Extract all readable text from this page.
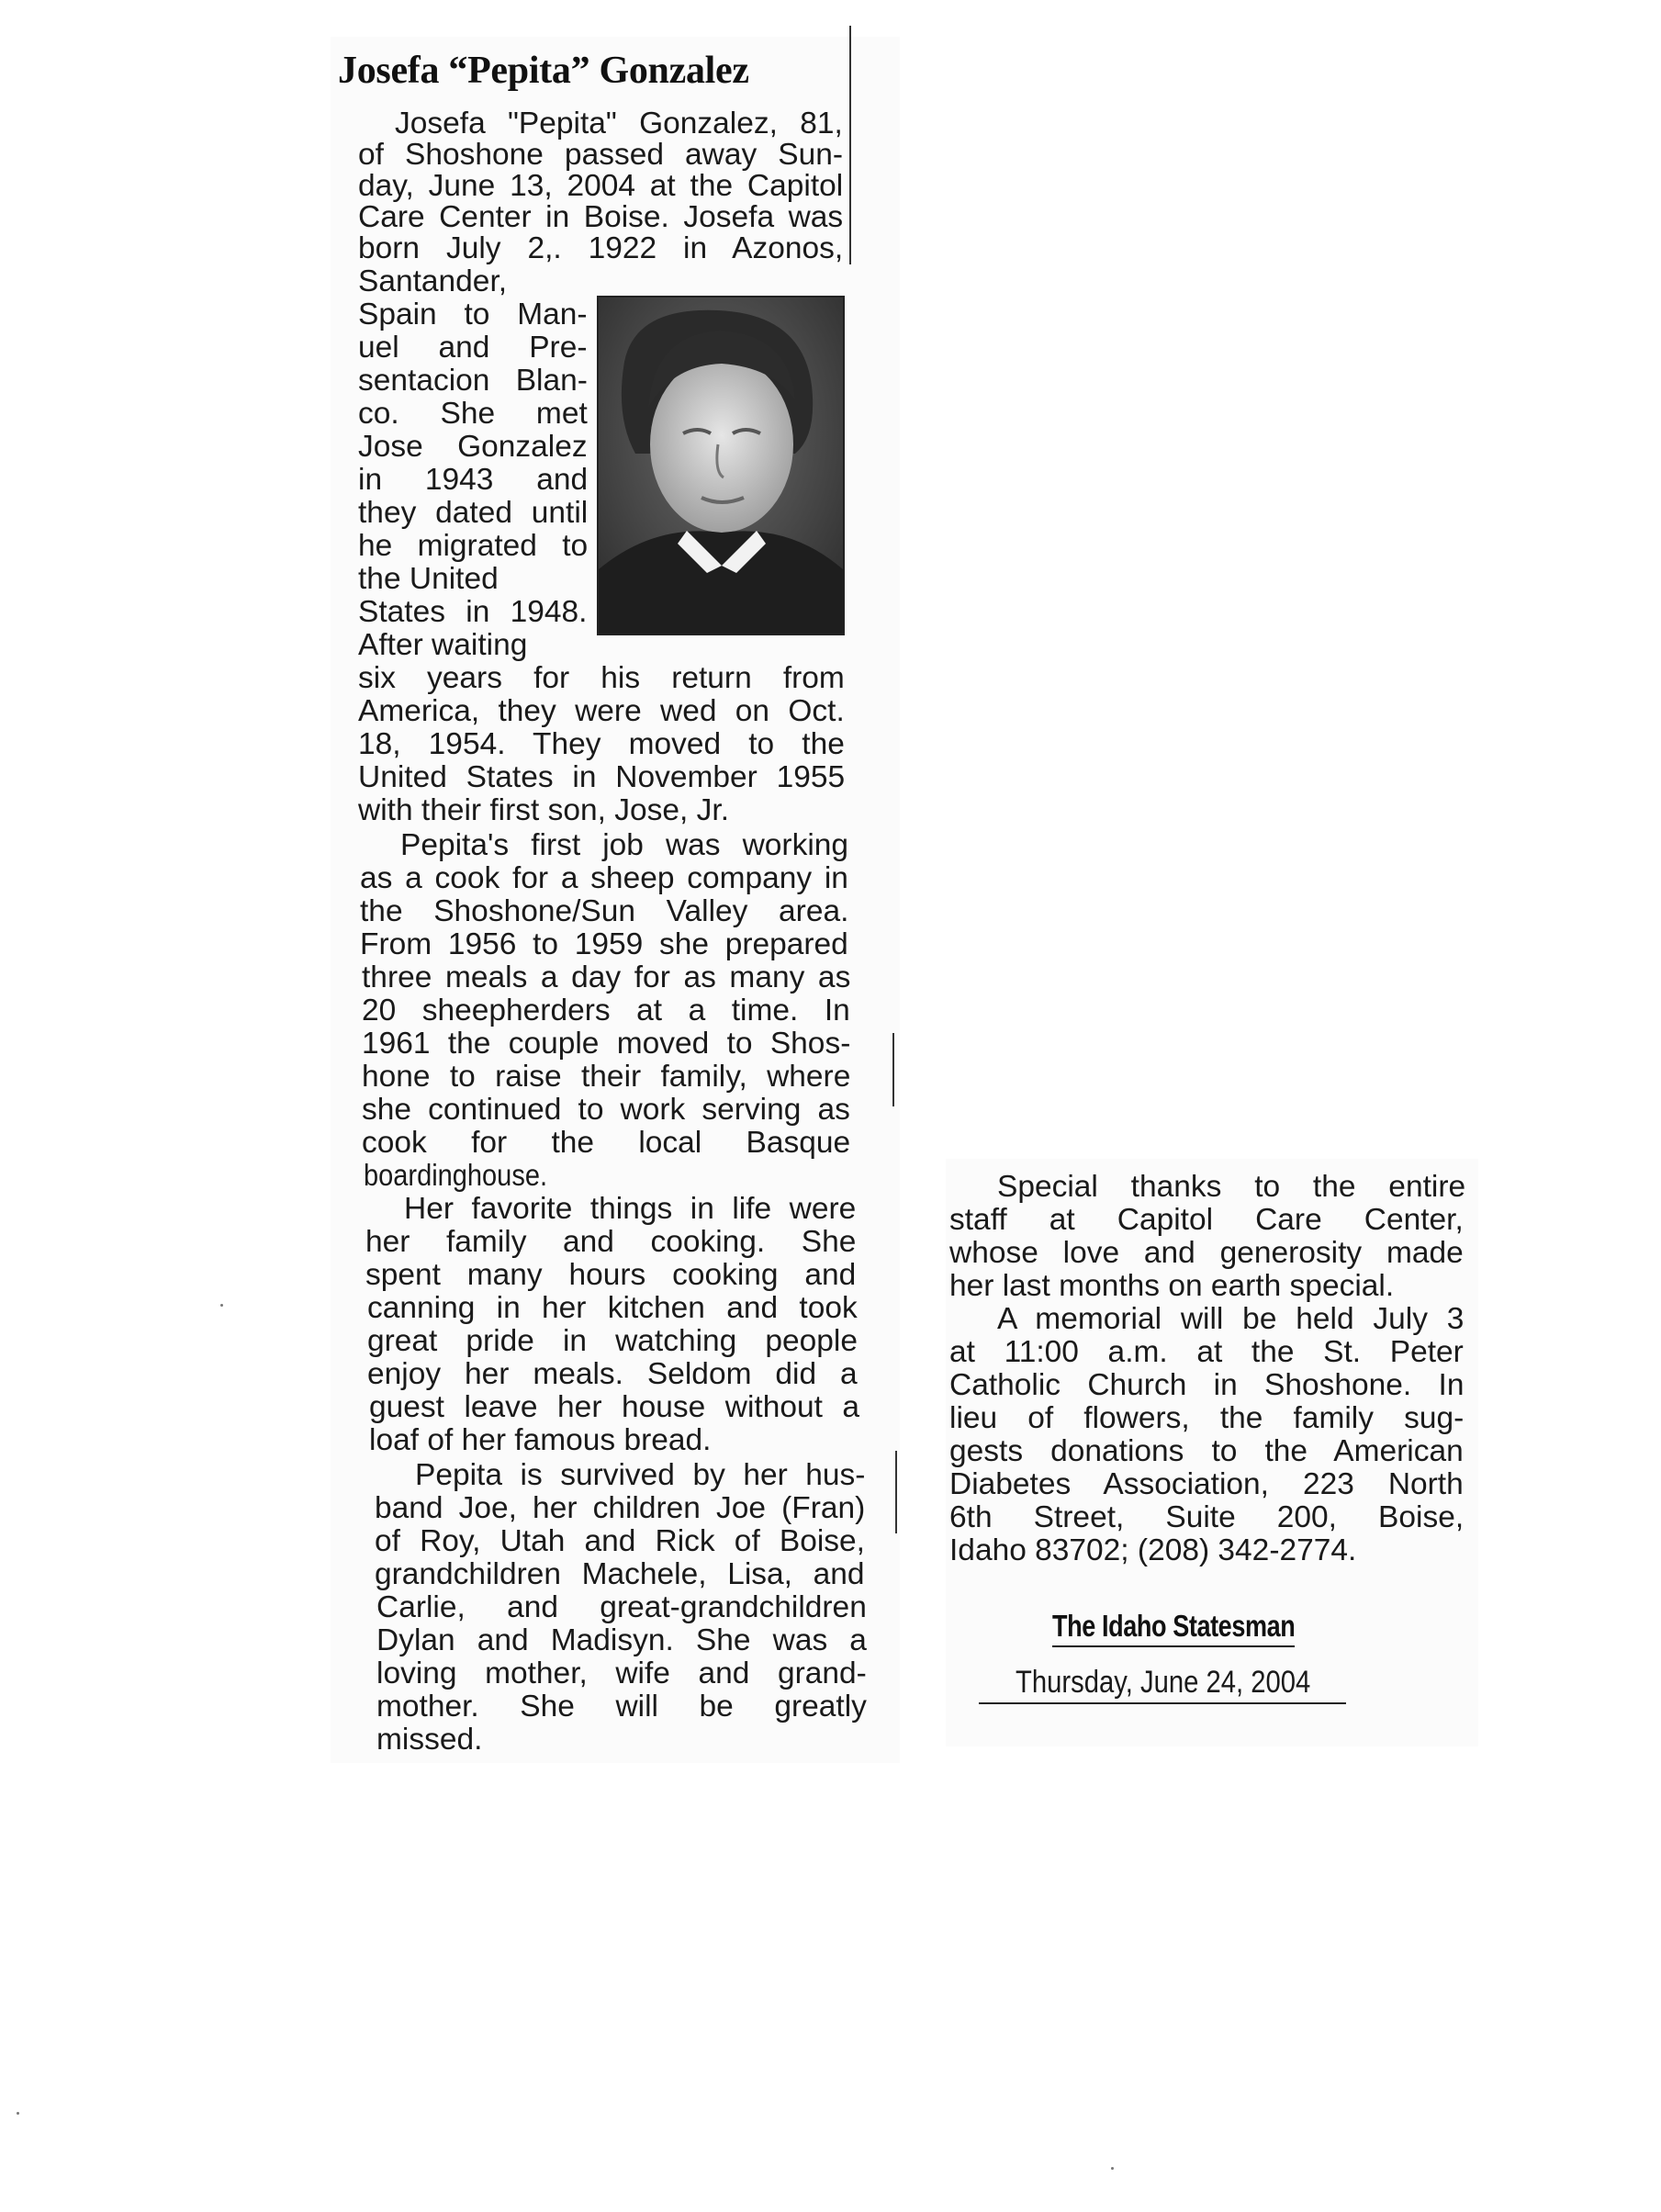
Josefa “Pepita” Gonzalez
Josefa "Pepita" Gonzalez, 81,
of Shoshone passed away Sun-
day, June 13, 2004 at the Capitol
Care Center in Boise. Josefa was
born July 2,. 1922 in Azonos,
Santander,
Spain to Man-
uel and Pre-
sentacion Blan-
co. She met
Jose Gonzalez
in 1943 and
they dated until
he migrated to
the United
States in 1948.
After waiting
six years for his return from
America, they were wed on Oct.
18, 1954. They moved to the
United States in November 1955
with their first son, Jose, Jr.
Pepita's first job was working
as a cook for a sheep company in
the Shoshone/Sun Valley area.
From 1956 to 1959 she prepared
three meals a day for as many as
20 sheepherders at a time. In
1961 the couple moved to Shos-
hone to raise their family, where
she continued to work serving as
cook for the local Basque
boardinghouse.
Her favorite things in life were
her family and cooking. She
spent many hours cooking and
canning in her kitchen and took
great pride in watching people
enjoy her meals. Seldom did a
guest leave her house without a
loaf of her famous bread.
Pepita is survived by her hus-
band Joe, her children Joe (Fran)
of Roy, Utah and Rick of Boise,
grandchildren Machele, Lisa, and
Carlie, and great-grandchildren
Dylan and Madisyn. She was a
loving mother, wife and grand-
mother. She will be greatly
missed.
Special thanks to the entire
staff at Capitol Care Center,
whose love and generosity made
her last months on earth special.
A memorial will be held July 3
at 11:00 a.m. at the St. Peter
Catholic Church in Shoshone. In
lieu of flowers, the family sug-
gests donations to the American
Diabetes Association, 223 North
6th Street, Suite 200, Boise,
Idaho 83702; (208) 342-2774.
The Idaho Statesman
Thursday, June 24, 2004
